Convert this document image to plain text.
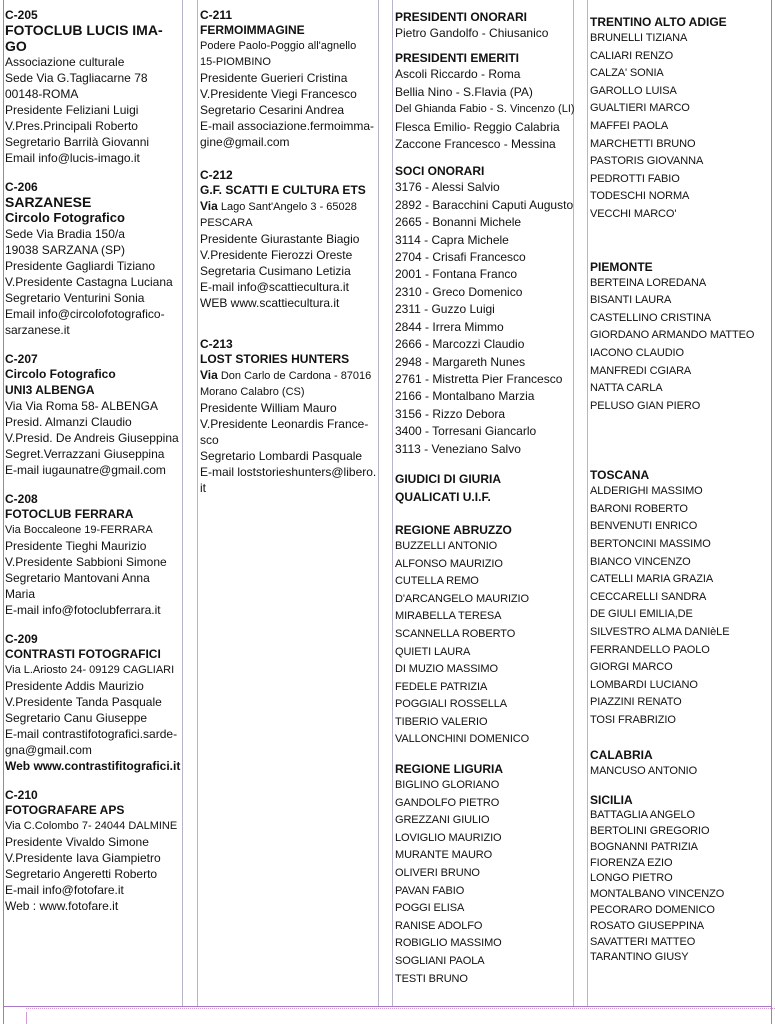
C-205
FOTOCLUB LUCIS IMA-
GO
Associazione culturale
Sede Via G.Tagliacarne 78
00148-ROMA
Presidente Feliziani Luigi
V.Pres.Principali Roberto
Segretario Barrilà Giovanni
Email info@lucis-imago.it
C-206
SARZANESE
Circolo Fotografico
Sede Via Bradia 150/a
19038 SARZANA (SP)
Presidente Gagliardi Tiziano
V.Presidente Castagna Luciana
Segretario Venturini Sonia
Email info@circolofotografico-
sarzanese.it
C-207
Circolo Fotografico
UNI3 ALBENGA
Via Via Roma 58- ALBENGA
Presid. Almanzi Claudio
V.Presid. De Andreis Giuseppina
Segret.Verrazzani Giuseppina
E-mail iugaunatre@gmail.com
C-208
FOTOCLUB FERRARA
Via Boccaleone 19-FERRARA
Presidente Tieghi Maurizio
V.Presidente Sabbioni Simone
Segretario Mantovani Anna
Maria
E-mail info@fotoclubferrara.it
C-209
CONTRASTI FOTOGRAFICI
Via L.Ariosto 24- 09129 CAGLIARI
Presidente Addis Maurizio
V.Presidente Tanda Pasquale
Segretario Canu Giuseppe
E-mail contrastifotografici.sarde-
gna@gmail.com
Web www.contrastifitografici.it
C-210
FOTOGRAFARE APS
Via C.Colombo 7- 24044 DALMINE
Presidente Vivaldo Simone
V.Presidente Iava Giampietro
Segretario Angeretti Roberto
E-mail info@fotofare.it
Web : www.fotofare.it
C-211
FERMOIMMAGINE
Podere Paolo-Poggio all'agnello
15-PIOMBINO
Presidente Guerieri Cristina
V.Presidente Viegi Francesco
Segretario Cesarini Andrea
E-mail associazione.fermoimma-
gine@gmail.com
C-212
G.F. SCATTI E CULTURA ETS
Via Lago Sant'Angelo 3 - 65028
PESCARA
Presidente Giurastante Biagio
V.Presidente Fierozzi Oreste
Segretaria Cusimano Letizia
E-mail info@scattiecultura.it
WEB www.scattiecultura.it
C-213
LOST STORIES HUNTERS
Via Don Carlo de Cardona - 87016
Morano Calabro (CS)
Presidente William Mauro
V.Presidente Leonardis France-
sco
Segretario Lombardi Pasquale
E-mail loststorieshunters@libero.
it
PRESIDENTI ONORARI
Pietro Gandolfo - Chiusanico
PRESIDENTI EMERITI
Ascoli Riccardo - Roma
Bellia Nino - S.Flavia (PA)
Del Ghianda Fabio - S. Vincenzo (LI)
Flesca Emilio- Reggio Calabria
Zaccone Francesco - Messina
SOCI ONORARI
3176 - Alessi Salvio
2892 - Baracchini Caputi Augusto
2665 - Bonanni Michele
3114 - Capra Michele
2704 - Crisafi Francesco
2001 - Fontana Franco
2310 - Greco Domenico
2311 - Guzzo Luigi
2844 - Irrera Mimmo
2666 - Marcozzi Claudio
2948 - Margareth Nunes
2761 - Mistretta Pier Francesco
2166 - Montalbano Marzia
3156 - Rizzo Debora
3400 - Torresani Giancarlo
3113 - Veneziano Salvo
GIUDICI DI GIURIA
QUALICATI U.I.F.
REGIONE ABRUZZO
BUZZELLI ANTONIO
ALFONSO MAURIZIO
CUTELLA REMO
D'ARCANGELO MAURIZIO
MIRABELLA TERESA
SCANNELLA ROBERTO
QUIETI LAURA
DI MUZIO MASSIMO
FEDELE PATRIZIA
POGGIALI ROSSELLA
TIBERIO VALERIO
VALLONCHINI DOMENICO
REGIONE LIGURIA
BIGLINO GLORIANO
GANDOLFO PIETRO
GREZZANI GIULIO
LOVIGLIO MAURIZIO
MURANTE MAURO
OLIVERI BRUNO
PAVAN FABIO
POGGI ELISA
RANISE ADOLFO
ROBIGLIO MASSIMO
SOGLIANI PAOLA
TESTI BRUNO
TRENTINO ALTO ADIGE
BRUNELLI TIZIANA
CALIARI RENZO
CALZA' SONIA
GAROLLO LUISA
GUALTIERI MARCO
MAFFEI PAOLA
MARCHETTI BRUNO
PASTORIS GIOVANNA
PEDROTTI FABIO
TODESCHI NORMA
VECCHI MARCO'
PIEMONTE
BERTEINA LOREDANA
BISANTI LAURA
CASTELLINO CRISTINA
GIORDANO ARMANDO MATTEO
IACONO CLAUDIO
MANFREDI CGIARA
NATTA CARLA
PELUSO GIAN PIERO
TOSCANA
ALDERIGHI MASSIMO
BARONI ROBERTO
BENVENUTI ENRICO
BERTONCINI MASSIMO
BIANCO VINCENZO
CATELLI MARIA GRAZIA
CECCARELLI SANDRA
DE GIULI EMILIA,DE
SILVESTRO ALMA DANIèLE
FERRANDELLO PAOLO
GIORGI MARCO
LOMBARDI LUCIANO
PIAZZINI RENATO
TOSI FRABRIZIO
CALABRIA
MANCUSO ANTONIO
SICILIA
BATTAGLIA ANGELO
BERTOLINI GREGORIO
BOGNANNI PATRIZIA
FIORENZA EZIO
LONGO PIETRO
MONTALBANO VINCENZO
PECORARO DOMENICO
ROSATO GIUSEPPINA
SAVATTERI MATTEO
TARANTINO GIUSY
